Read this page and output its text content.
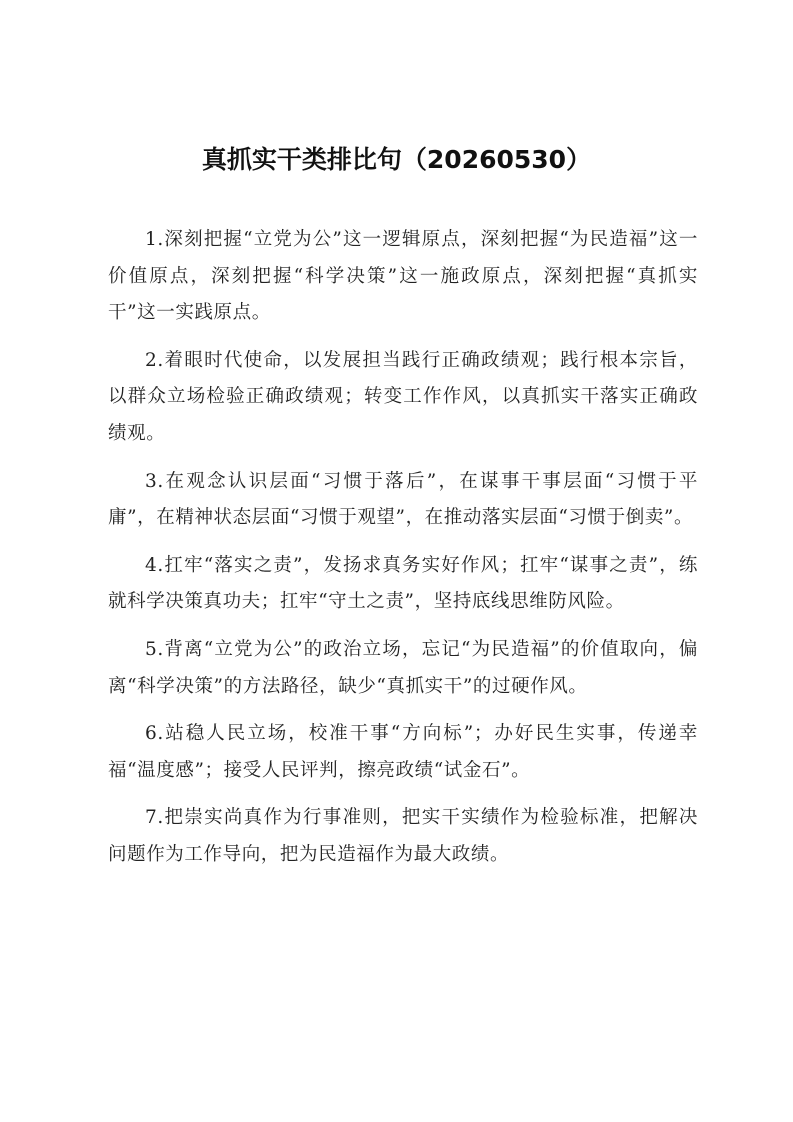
真抓实干类排比句（20260530）

1.深刻把握“立党为公”这一逻辑原点，深刻把握“为民造福”这一价值原点，深刻把握“科学决策”这一施政原点，深刻把握“真抓实干”这一实践原点。

2.着眼时代使命，以发展担当践行正确政绩观；践行根本宗旨，以群众立场检验正确政绩观；转变工作作风，以真抓实干落实正确政绩观。

3.在观念认识层面“习惯于落后”，在谋事干事层面“习惯于平庸”，在精神状态层面“习惯于观望”，在推动落实层面“习惯于倒卖”。

4.扛牢“落实之责”，发扬求真务实好作风；扛牢“谋事之责”，练就科学决策真功夫；扛牢“守土之责”，坚持底线思维防风险。

5.背离“立党为公”的政治立场，忘记“为民造福”的价值取向，偏离“科学决策”的方法路径，缺少“真抓实干”的过硬作风。

6.站稳人民立场，校准干事“方向标”；办好民生实事，传递幸福“温度感”；接受人民评判，擦亮政绩“试金石”。

7.把崇实尚真作为行事准则，把实干实绩作为检验标准，把解决问题作为工作导向，把为民造福作为最大政绩。
